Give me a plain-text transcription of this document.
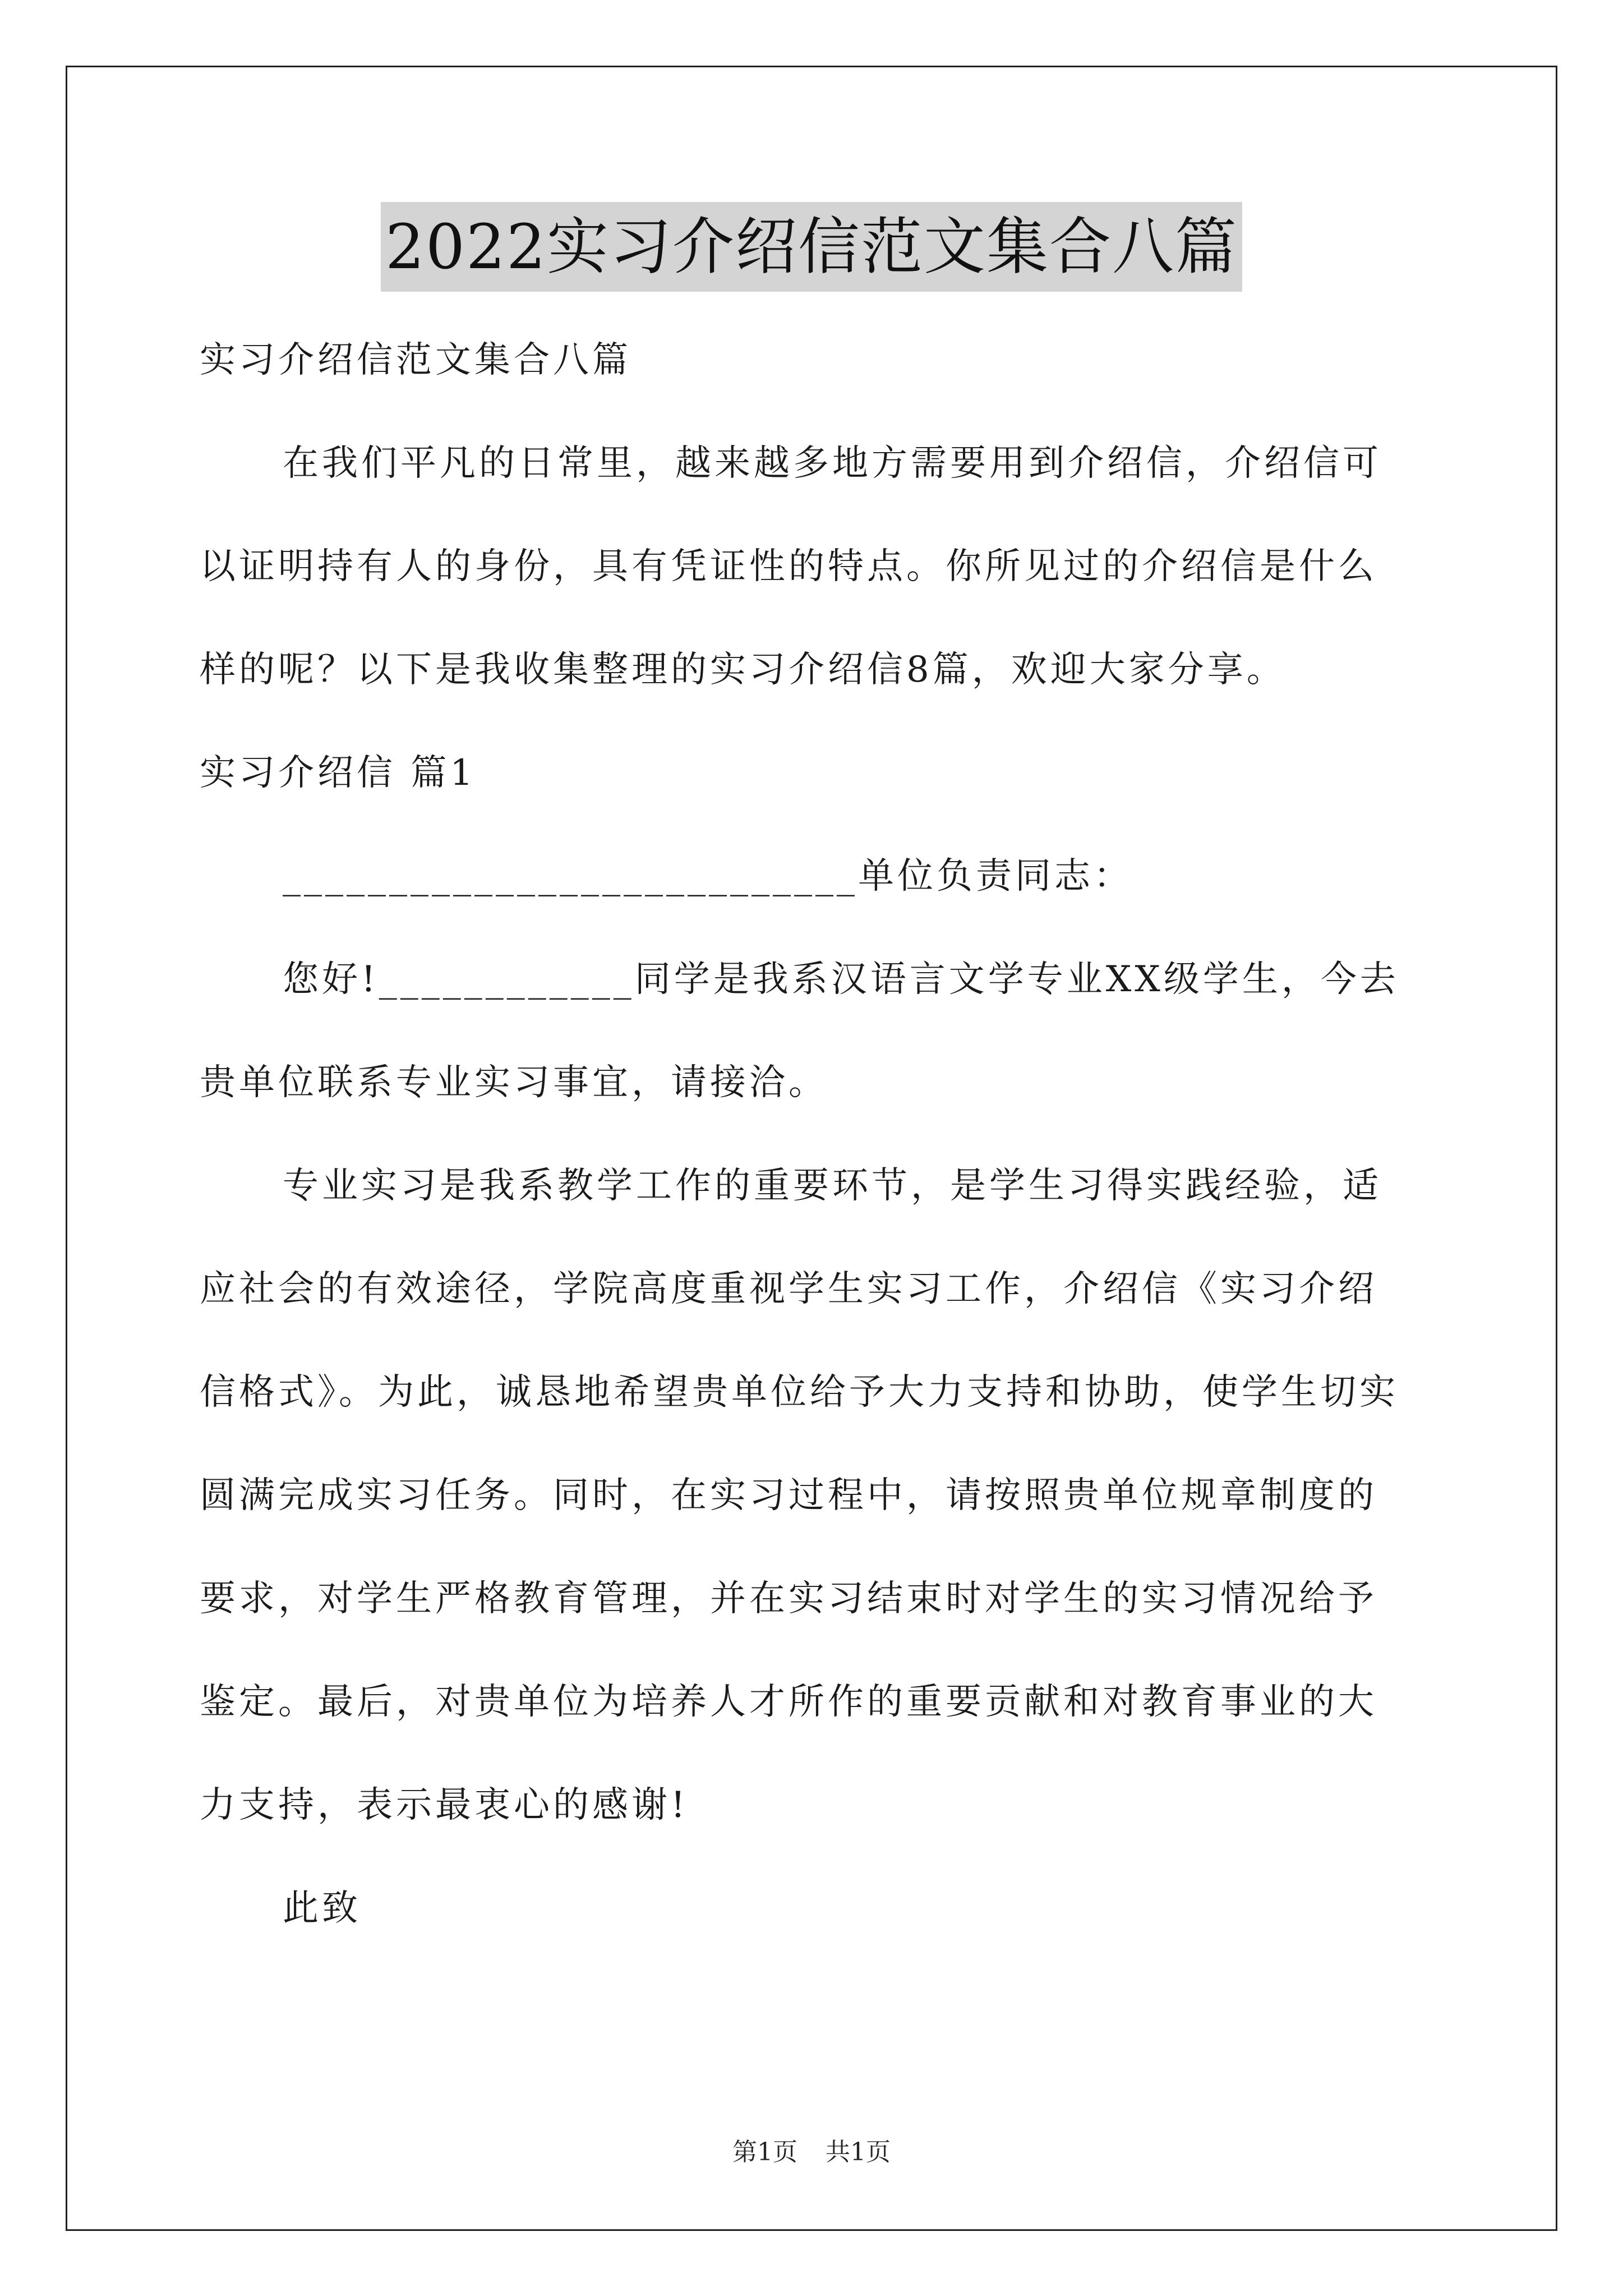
2022实习介绍信范文集合八篇

实习介绍信范文集合八篇

在我们平凡的日常里，越来越多地方需要用到介绍信，介绍信可

以证明持有人的身份，具有凭证性的特点。你所见过的介绍信是什么

样的呢？以下是我收集整理的实习介绍信8篇，欢迎大家分享。

实习介绍信 篇1

___________________________单位负责同志：

您好!____________同学是我系汉语言文学专业XX级学生，今去

贵单位联系专业实习事宜，请接洽。

专业实习是我系教学工作的重要环节，是学生习得实践经验，适

应社会的有效途径，学院高度重视学生实习工作，介绍信《实习介绍

信格式》。为此，诚恳地希望贵单位给予大力支持和协助，使学生切实

圆满完成实习任务。同时，在实习过程中，请按照贵单位规章制度的

要求，对学生严格教育管理，并在实习结束时对学生的实习情况给予

鉴定。最后，对贵单位为培养人才所作的重要贡献和对教育事业的大

力支持，表示最衷心的感谢!

此致

第1页 共1页
